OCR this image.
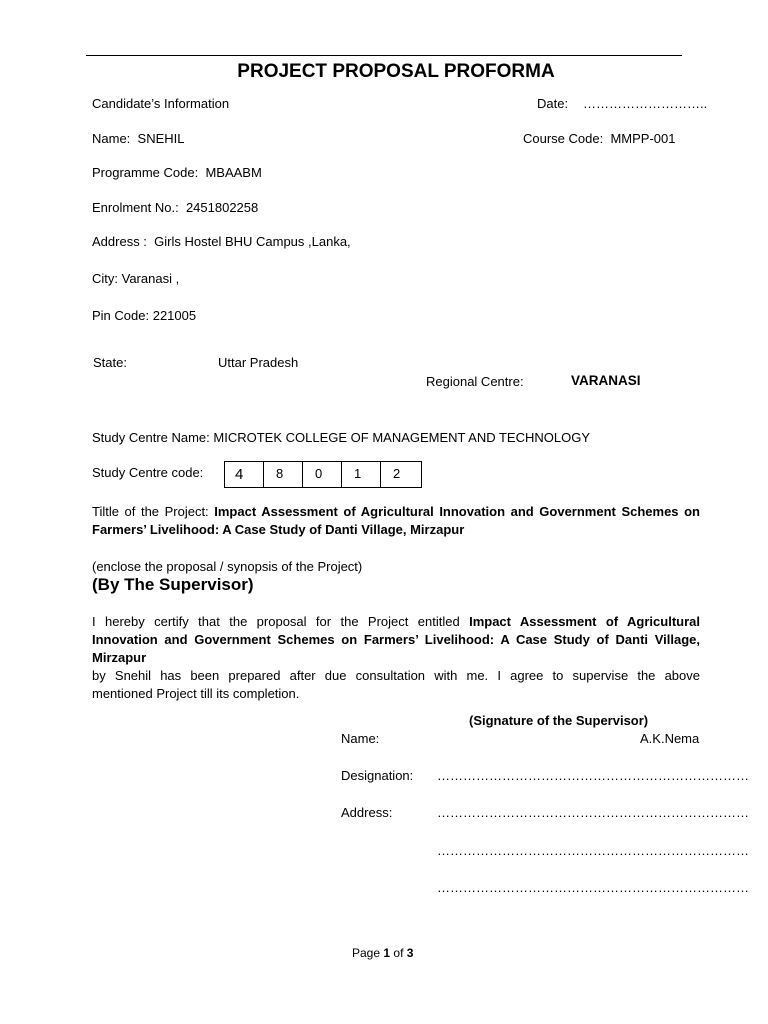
PROJECT PROPOSAL PROFORMA
Candidate’s Information	Date: ………………………..
Name: SNEHIL	Course Code: MMPP-001
Programme Code: MBAABM
Enrolment No.: 2451802258
Address : Girls Hostel BHU Campus ,Lanka,
City: Varanasi ,
Pin Code: 221005
State:	Uttar Pradesh
Regional Centre:	VARANASI
Study Centre Name: MICROTEK COLLEGE OF MANAGEMENT AND TECHNOLOGY
Study Centre code: 4	8 0 1 2
Tiltle of the Project: Impact Assessment of Agricultural Innovation and Government Schemes on
Farmers’ Livelihood: A Case Study of Danti Village, Mirzapur
(enclose the proposal / synopsis of the Project)
(By The Supervisor)
I hereby certify that the proposal for the Project entitled Impact Assessment of Agricultural
Innovation and Government Schemes on Farmers’ Livelihood: A Case Study of Danti Village, Mirzapur
by Snehil has been prepared after due consultation with me. I agree to supervise the above
mentioned Project till its completion.
(Signature of the Supervisor)
Name:	A.K.Nema
Designation: ………………………………………………………………
Address:	………………………………………………………………
………………………………………………………………
………………………………………………………………
Page 1 of 3
